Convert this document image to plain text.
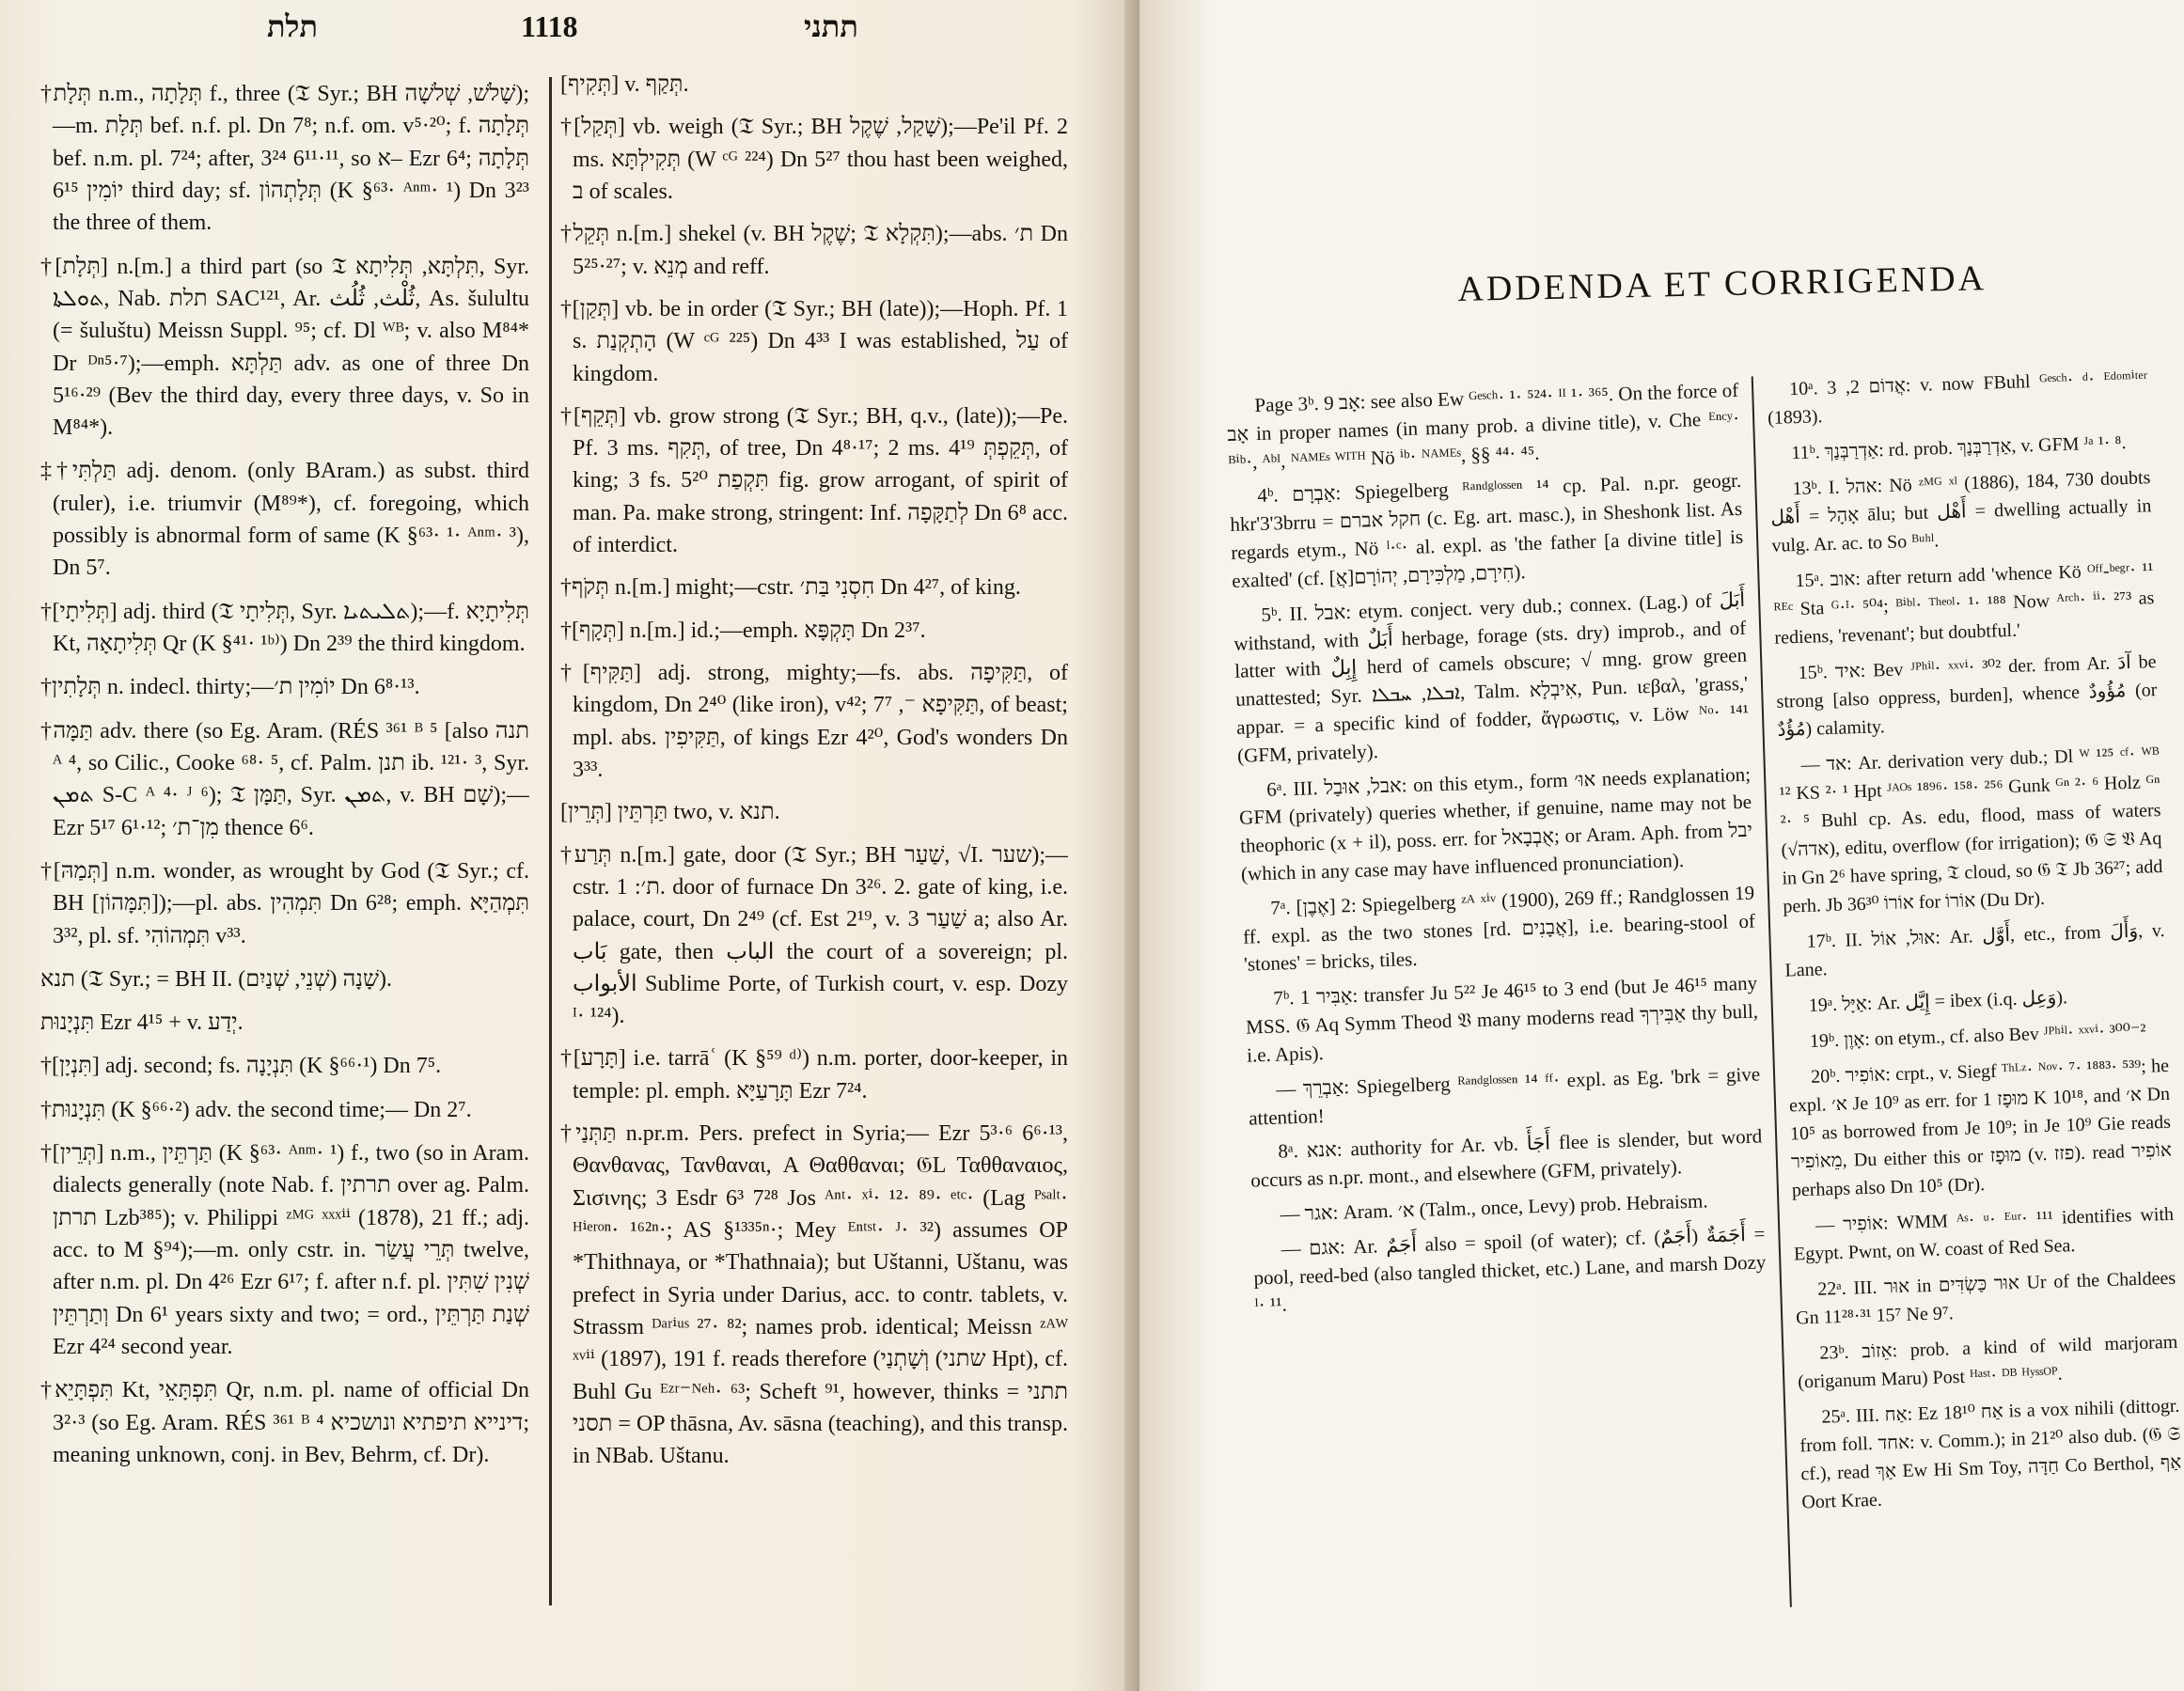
תלת	1118	תתני

†תְּלָת n.m., תְּלָתָה f., three (𝔗 Syr.; BH שָׁלֹשׁ, שְׁלשָׁה);—m. תְּלָת bef. n.f. pl. Dn 7⁸; n.f. om. v⁵·²⁰; f. תְּלָתָה bef. n.m. pl. 7²⁴; after, 3²⁴ 6¹¹·¹¹, so א– Ezr 6⁴; תְּלָתָה יוֹמִין 6¹⁵ third day; sf. תְּלָתְהוֹן (K §⁶³· ᴬⁿᵐ· ¹) Dn 3²³ the three of them.

†[תְּלָת] n.[m.] a third part (so 𝔗 תִּלְתָּא, תְּלִיתָא, Syr. ܬܘܠܬܐ, Nab. תלת SAC¹²¹, Ar. ثُلْث, ثُلُث, As. šulultu (= šuluštu) Meissn Suppl. ⁹⁵; cf. Dl ᵂᴮ; v. also M⁸⁴* Dr ᴰⁿ⁵·⁷);—emph. תַּלְתָּא adv. as one of three Dn 5¹⁶·²⁹ (Bev the third day, every three days, v. So in M⁸⁴*).

‡†תַּלְתִּי adj. denom. (only BAram.) as subst. third (ruler), i.e. triumvir (M⁸⁹*), cf. foregoing, which possibly is abnormal form of same (K §⁶³· ¹· ᴬⁿᵐ· ³), Dn 5⁷.

†[תְּלִיתָי] adj. third (𝔗 תְּלִיתָי, Syr. ܬܠܝܬܝܐ);—f. תְּלִיתָיָא Kt, תְּלִיתָאָה Qr (K §⁴¹· ¹ᵇ⁾) Dn 2³⁹ the third kingdom.

†תְּלָתִין n. indecl. thirty;—יוֹמִין ת׳ Dn 6⁸·¹³.

†תַּמָּה adv. there (so Eg. Aram. (RÉS ³⁶¹ ᴮ ⁵ [also תנה ᴬ ⁴, so Cilic., Cooke ⁶⁸· ⁵, cf. Palm. תנן ib. ¹²¹· ³, Syr. ܬܡܢ S-C ᴬ ⁴· ᴶ ⁶); 𝔗 תַּמָּן, Syr. ܬܡܢ, v. BH שָׁם);—Ezr 5¹⁷ 6¹·¹²; מִן־ת׳ thence 6⁶.

†[תְּמַהּ] n.m. wonder, as wrought by God (𝔗 Syr.; cf. BH [תִּמָּהוֹן]);—pl. abs. תִּמְהִין Dn 6²⁸; emph. תִּמְהַיָּא 3³², pl. sf. תִּמְהוֹהִי v³³.

תנא (𝔗 Syr.; = BH II. שָׁנָה (שְׁנֵי, שְׁנַיִם)).

תִּנְיָנוּת Ezr 4¹⁵ + v. יְדַע.

†[תִּנְיָן] adj. second; fs. תִּנְיָנָה (K §⁶⁶·¹) Dn 7⁵.

†תִּנְיָנוּת (K §⁶⁶·²) adv. the second time;— Dn 2⁷.

†[תְּרֵין] n.m., תַּרְתֵּין (K §⁶³· ᴬⁿᵐ· ¹) f., two (so in Aram. dialects generally (note Nab. f. תרתין over ag. Palm. תרתן Lzb³⁸⁵); v. Philippi ᶻᴹᴳ ˣˣˣⁱⁱ (1878), 21 ff.; adj. acc. to M §⁹⁴);—m. only cstr. in. תְּרֵי עֲשַׂר twelve, after n.m. pl. Dn 4²⁶ Ezr 6¹⁷; f. after n.f. pl. שְׁנִין שִׁתִּין וְתַרְתֵּין Dn 6¹ years sixty and two; = ord., שְׁנַת תַּרְתֵּין Ezr 4²⁴ second year.

†תִּפְתָּיֵא Kt, תִּפְתָּאֵי Qr, n.m. pl. name of official Dn 3²·³ (so Eg. Aram. RÉS ³⁶¹ ᴮ ⁴ דינייא תיפתיא ונושכיא; meaning unknown, conj. in Bev, Behrm, cf. Dr).

[תְּקִיף] v. תְּקַף.

†[תְּקַל] vb. weigh (𝔗 Syr.; BH שָׁקַל, שֶׁקֶל);—Pe'il Pf. 2 ms. תְּקִילְתָּא (W ᶜᴳ ²²⁴) Dn 5²⁷ thou hast been weighed, ב of scales.

†תְּקֵל n.[m.] shekel (v. BH שֶׁקֶל; 𝔗 תִּקְלָא);—abs. ת׳ Dn 5²⁵·²⁷; v. מְנֵא and reff.

†[תְּקַן] vb. be in order (𝔗 Syr.; BH (late));—Hoph. Pf. 1 s. הָתְקְנַת (W ᶜᴳ ²²⁵) Dn 4³³ I was established, עַל of kingdom.

†[תְּקֵף] vb. grow strong (𝔗 Syr.; BH, q.v., (late));—Pe. Pf. 3 ms. תְּקִף, of tree, Dn 4⁸·¹⁷; 2 ms. תְּקֵפְתְּ 4¹⁹, of king; 3 fs. תִּקְפַת 5²⁰ fig. grow arrogant, of spirit of man. Pa. make strong, stringent: Inf. לְתַקָּפָה Dn 6⁸ acc. of interdict.

†תְּקֹף n.[m.] might;—cstr. חִסְנִי בַּת׳ Dn 4²⁷, of king.

†[תְּקָף] n.[m.] id.;—emph. תָּקְפָּא Dn 2³⁷.

†[תַּקִּיף] adj. strong, mighty;—fs. abs. תַּקִּיפָה, of kingdom, Dn 2⁴⁰ (like iron), v⁴²; תַּקִּיפָא ⁻, 7⁷, of beast; mpl. abs. תַּקִּיפִין, of kings Ezr 4²⁰, God's wonders Dn 3³³.

[תְּרֵין] תַּרְתֵּין two, v. תנא.

†תְּרַע n.[m.] gate, door (𝔗 Syr.; BH שַׁעַר, √I. שער);—cstr. ת׳: 1. door of furnace Dn 3²⁶. 2. gate of king, i.e. palace, court, Dn 2⁴⁹ (cf. Est 2¹⁹, v. שַׁעַר 3 a; also Ar. بَاب gate, then الباب the court of a sovereign; pl. الأبواب Sublime Porte, of Turkish court, v. esp. Dozy ᴵ· ¹²⁴).

†[תָּרָע] i.e. tarrāʿ (K §⁵⁹ ᵈ⁾) n.m. porter, door-keeper, in temple: pl. emph. תָּרָעַיָּא Ezr 7²⁴.

†תַּתְּנַי n.pr.m. Pers. prefect in Syria;— Ezr 5³·⁶ 6⁶·¹³, Θανθανας, Τανθαναι, A Θαθθαναι; 𝔊L Ταθθαναιος, Σισινης; 3 Esdr 6³ 7²⁸ Jos ᴬⁿᵗ· ˣⁱ· ¹²· ⁸⁹· ᵉᵗᶜ· (Lag ᴾˢᵃˡᵗ· ᴴⁱᵉʳᵒⁿ· ¹⁶²ⁿ·; AS §¹³³⁵ⁿ·; Mey ᴱⁿᵗˢᵗ· ᴶ· ³²) assumes OP *Thithnaya, or *Thathnaia); but Uštanni, Uštanu, was prefect in Syria under Darius, acc. to contr. tablets, v. Strassm ᴰᵃʳⁱᵘˢ ²⁷· ⁸²; names prob. identical; Meissn ᶻᴬᵂ ˣᵛⁱⁱ (1897), 191 f. reads therefore (וְשָׁתְנַי (שתני Hpt), cf. Buhl Gu ᴱᶻʳ⁻ᴺᵉʰ· ⁶³; Scheft ⁹¹, however, thinks תתני = תסני = OP thāsna, Av. sāsna (teaching), and this transp. in NBab. Uštanu.

ADDENDA ET CORRIGENDA

Page 3ᵇ. אָב 9: see also Ew ᴳᵉˢᶜʰ· ¹· ⁵²⁴· ᴵᴵ ¹· ³⁶⁵. On the force of אָב in proper names (in many prob. a divine title), v. Che ᴱⁿᶜʸ· ᴮⁱᵇ·, ᴬᵇᴵ, ᴺᴬᴹᴱˢ ᵂᴵᵀᴴ Nö ⁱᵇ· ᴺᴬᴹᴱˢ, §§ ⁴⁴· ⁴⁵.

4ᵇ. אַבְרָם: Spiegelberg ᴿᵃⁿᵈᵍˡᵒˢˢᵉⁿ ¹⁴ cp. Pal. n.pr. geogr. hkr'3'3brru = חקל אברם (c. Eg. art. masc.), in Sheshonk list. As regards etym., Nö ˡ·ᶜ· al. expl. as 'the father [a divine title] is exalted' (cf. [אֲ]חִירָם, מַלְכִּירָם, יְהוֹרָם).

5ᵇ. II. אבל: etym. conject. very dub.; connex. (Lag.) of أَبَلَ withstand, with أَبَلٌ herbage, forage (sts. dry) improb., and of latter with إِبِلٌ herd of camels obscure; √ mng. grow green unattested; Syr. ܐܒܠܐ, ܚܒܠܐ, Talm. אִיבְלָא, Pun. ιεβαλ, 'grass,' appar. = a specific kind of fodder, ἄγρωστις, v. Löw ᴺᵒ· ¹⁴¹ (GFM, privately).

6ᵃ. III. אבל, אוּבַל: on this etym., form אוּ׳ needs explanation; GFM (privately) queries whether, if genuine, name may not be theophoric (x + il), poss. err. for אֻבְבָאל; or Aram. Aph. from יבל (which in any case may have influenced pronunciation).

7ᵃ. [אֶבֶן] 2: Spiegelberg ᶻᴬ ˣⁱᵛ (1900), 269 ff.; Randglossen 19 ff. expl. as the two stones [rd. אֲבָנִים], i.e. bearing-stool of 'stones' = bricks, tiles.

7ᵇ. אַבִּיר 1: transfer Ju 5²² Je 46¹⁵ to 3 end (but Je 46¹⁵ many MSS. 𝔊 Aq Symm Theod 𝔙 many moderns read אַבִּירְךָ thy bull, i.e. Apis).

— אַבְרֵךְ: Spiegelberg ᴿᵃⁿᵈᵍˡᵒˢˢᵉⁿ ¹⁴ ᶠᶠ· expl. as Eg. 'brk = give attention!

8ᵃ. אנא: authority for Ar. vb. أَجَأَ flee is slender, but word occurs as n.pr. mont., and elsewhere (GFM, privately).

— אגר: Aram. א׳ (Talm., once, Levy) prob. Hebraism.

— אגם: Ar. أَجَمٌ also = spoil (of water); cf. أَجَمَةٌ (أَجَمٌ) = pool, reed-bed (also tangled thicket, etc.) Lane, and marsh Dozy ᴵ· ¹¹.

10ᵃ. אֲדוֹם 2, 3: v. now FBuhl ᴳᵉˢᶜʰ· ᵈ· ᴱᵈᵒᵐⁱᵗᵉʳ (1893).

11ᵇ. אַדְרַבְּנַךְ: rd. prob. אַדְרַבְּנַךְ, v. GFM ᴶᵃ ¹· ⁸.

13ᵇ. I. אהל: Nö ᶻᴹᴳ ˣˡ (1886), 184, 730 doubts אָהָל = أَهْل ālu; but أَهْل = dwelling actually in vulg. Ar. ac. to So ᴮᵘʰˡ.

15ᵃ. אוב: after return add 'whence Kö ᴼᶠᶠ-ᵇᵉᵍʳ· ¹¹ ᴿᴱᶜ Sta ᴳ·ᴵ· ⁵⁰⁴; ᴮⁱᵇˡ· ᵀʰᵉᵒˡ· ¹· ¹⁸⁸ Now ᴬʳᶜʰ· ⁱⁱ· ²⁷³ as rediens, 'revenant'; but doubtful.'

15ᵇ. איד: Bev ᴶᴾʰⁱˡ· ˣˣᵛⁱ· ³⁰² der. from Ar. آدَ be strong [also oppress, burden], whence مُؤُودٌ (or مُؤُدٌ) calamity.

— אד: Ar. derivation very dub.; Dl ᵂ ¹²⁵ ᶜᶠ· ᵂᴮ ¹² KS ²· ¹ Hpt ᴶᴬᴼˢ ¹⁸⁹⁶· ¹⁵⁸· ²⁵⁶ Gunk ᴳⁿ ²· ⁶ Holz ᴳⁿ ²· ⁵ Buhl cp. As. edu, flood, mass of waters (√אדה), editu, overflow (for irrigation); 𝔊 𝔖 𝔙 Aq in Gn 2⁶ have spring, 𝔗 cloud, so 𝔊 𝔗 Jb 36²⁷; add perh. Jb 36³⁰ אוֹרוֹ for אוֹרוֹ (Du Dr).

17ᵇ. II. אוּל, אוֹל: Ar. أَوَّل, etc., from وَأَلَ, v. Lane.

19ᵃ. אַיָּל: Ar. إِيَّل = ibex (i.q. وَعِل).

19ᵇ. אָוֶן: on etym., cf. also Bev ᴶᴾʰⁱˡ· ˣˣᵛⁱ· ³⁰⁰⁻²

20ᵇ. אוֹפִיר: crpt., v. Siegf ᵀʰᴸᶻ· ᴺᵒᵛ· ⁷· ¹⁸⁸³· ⁵³⁹; he expl. א׳ Je 10⁹ as err. for מוּפָז 1 K 10¹⁸, and א׳ Dn 10⁵ as borrowed from Je 10⁹; in Je 10⁹ Gie reads מֵאוֹפִיר, Du either this or מוּפָז (v. פזז). read אוֹפִיר perhaps also Dn 10⁵ (Dr).

— אוֹפִיר: WMM ᴬˢ· ᵘ· ᴱᵘʳ· ¹¹¹ identifies with Egypt. Pwnt, on W. coast of Red Sea.

22ᵃ. III. אוּר in אוּר כַּשְׂדִּים Ur of the Chaldees Gn 11²⁸·³¹ 15⁷ Ne 9⁷.

23ᵇ. אֵזוֹב: prob. a kind of wild marjoram (origanum Maru) Post ᴴᵃˢᵗ· ᴰᴮ ᴴʸˢˢᴼᴾ.

25ᵃ. III. אַח: Ez 18¹⁰ אַח is a vox nihili (dittogr. from foll. אחד: v. Comm.); in 21²⁰ also dub. (𝔊 𝔖 cf.), read אַךְ Ew Hi Sm Toy, חַדָּה Co Berthol, אַף Oort Krae.
